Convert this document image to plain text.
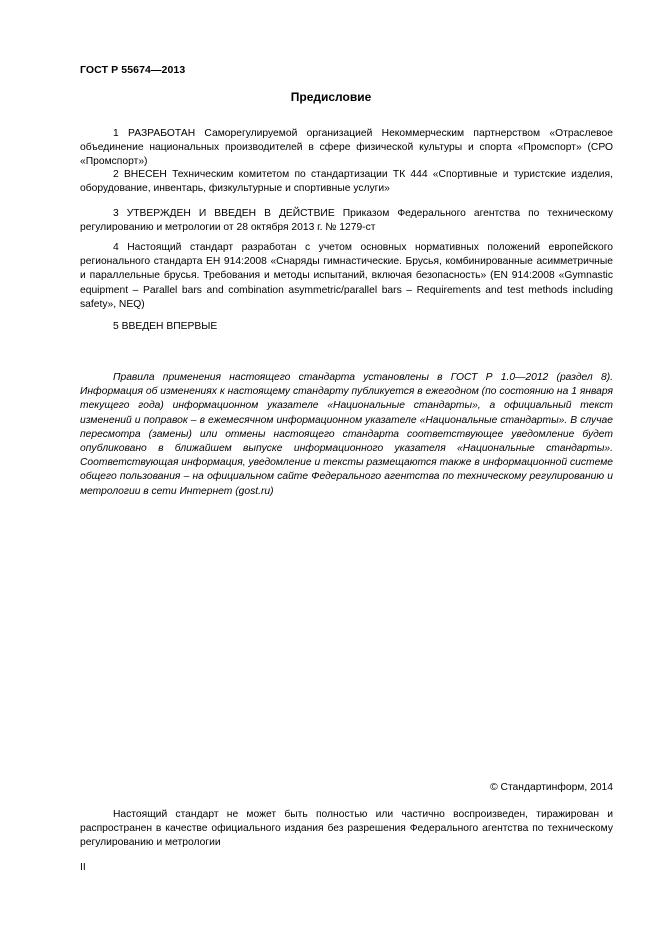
ГОСТ Р 55674—2013
Предисловие

1 РАЗРАБОТАН Саморегулируемой организацией Некоммерческим партнерством «Отраслевое объединение национальных производителей в сфере физической культуры и спорта «Промспорт» (СРО «Промспорт»)

2 ВНЕСЕН Техническим комитетом по стандартизации ТК 444 «Спортивные и туристские изделия, оборудование, инвентарь, физкультурные и спортивные услуги»

3 УТВЕРЖДЕН И ВВЕДЕН В ДЕЙСТВИЕ Приказом Федерального агентства по техническому регулированию и метрологии от 28 октября 2013 г. № 1279-ст

4 Настоящий стандарт разработан с учетом основных нормативных положений европейского регионального стандарта ЕН 914:2008 «Снаряды гимнастические. Брусья, комбинированные асимметричные и параллельные брусья. Требования и методы испытаний, включая безопасность» (EN 914:2008 «Gymnastic equipment – Parallel bars and combination asymmetric/parallel bars – Requirements and test methods including safety», NEQ)

5 ВВЕДЕН ВПЕРВЫЕ

Правила применения настоящего стандарта установлены в ГОСТ Р 1.0—2012 (раздел 8). Информация об изменениях к настоящему стандарту публикуется в ежегодном (по состоянию на 1 января текущего года) информационном указателе «Национальные стандарты», а официальный текст изменений и поправок – в ежемесячном информационном указателе «Национальные стандарты». В случае пересмотра (замены) или отмены настоящего стандарта соответствующее уведомление будет опубликовано в ближайшем выпуске информационного указателя «Национальные стандарты». Соответствующая информация, уведомление и тексты размещаются также в информационной системе общего пользования – на официальном сайте Федерального агентства по техническому регулированию и метрологии в сети Интернет (gost.ru)

© Стандартинформ, 2014

Настоящий стандарт не может быть полностью или частично воспроизведен, тиражирован и распространен в качестве официального издания без разрешения Федерального агентства по техническому регулированию и метрологии

II
